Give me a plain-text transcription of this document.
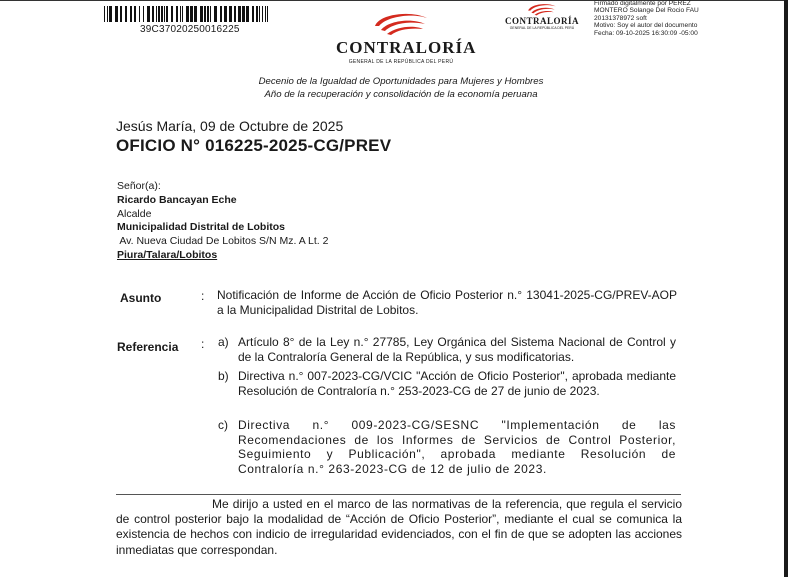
39C37020250016225
CONTRALORÍA
GENERAL DE LA REPÚBLICA DEL PERÚ
CONTRALORÍA
GENERAL DE LA REPÚBLICA DEL PERÚ
Firmado digitalmente por PEREZ
MONTERO Solange Del Rocio FAU
20131378972 soft
Motivo: Soy el autor del documento
Fecha: 09-10-2025 16:30:09 -05:00
Decenio de la Igualdad de Oportunidades para Mujeres y Hombres
Año de la recuperación y consolidación de la economía peruana
Jesús María, 09 de Octubre de 2025
OFICIO N° 016225-2025-CG/PREV
Señor(a):
Ricardo Bancayan Eche
Alcalde
Municipalidad Distrital de Lobitos
Av. Nueva Ciudad De Lobitos S/N Mz. A Lt. 2
Piura/Talara/Lobitos
Asunto	: Notificación de Informe de Acción de Oficio Posterior n.° 13041-2025-CG/PREV-AOP a la Municipalidad Distrital de Lobitos.
Referencia : a) Artículo 8° de la Ley n.° 27785, Ley Orgánica del Sistema Nacional de Control y de la Contraloría General de la República, y sus modificatorias.
b) Directiva n.° 007-2023-CG/VCIC "Acción de Oficio Posterior", aprobada mediante Resolución de Contraloría n.° 253-2023-CG de 27 de junio de 2023.
c) Directiva n.° 009-2023-CG/SESNC "Implementación de las Recomendaciones de los Informes de Servicios de Control Posterior, Seguimiento y Publicación", aprobada mediante Resolución de Contraloría n.° 263-2023-CG de 12 de julio de 2023.
Me dirijo a usted en el marco de las normativas de la referencia, que regula el servicio de control posterior bajo la modalidad de “Acción de Oficio Posterior”, mediante el cual se comunica la existencia de hechos con indicio de irregularidad evidenciados, con el fin de que se adopten las acciones inmediatas que correspondan.
